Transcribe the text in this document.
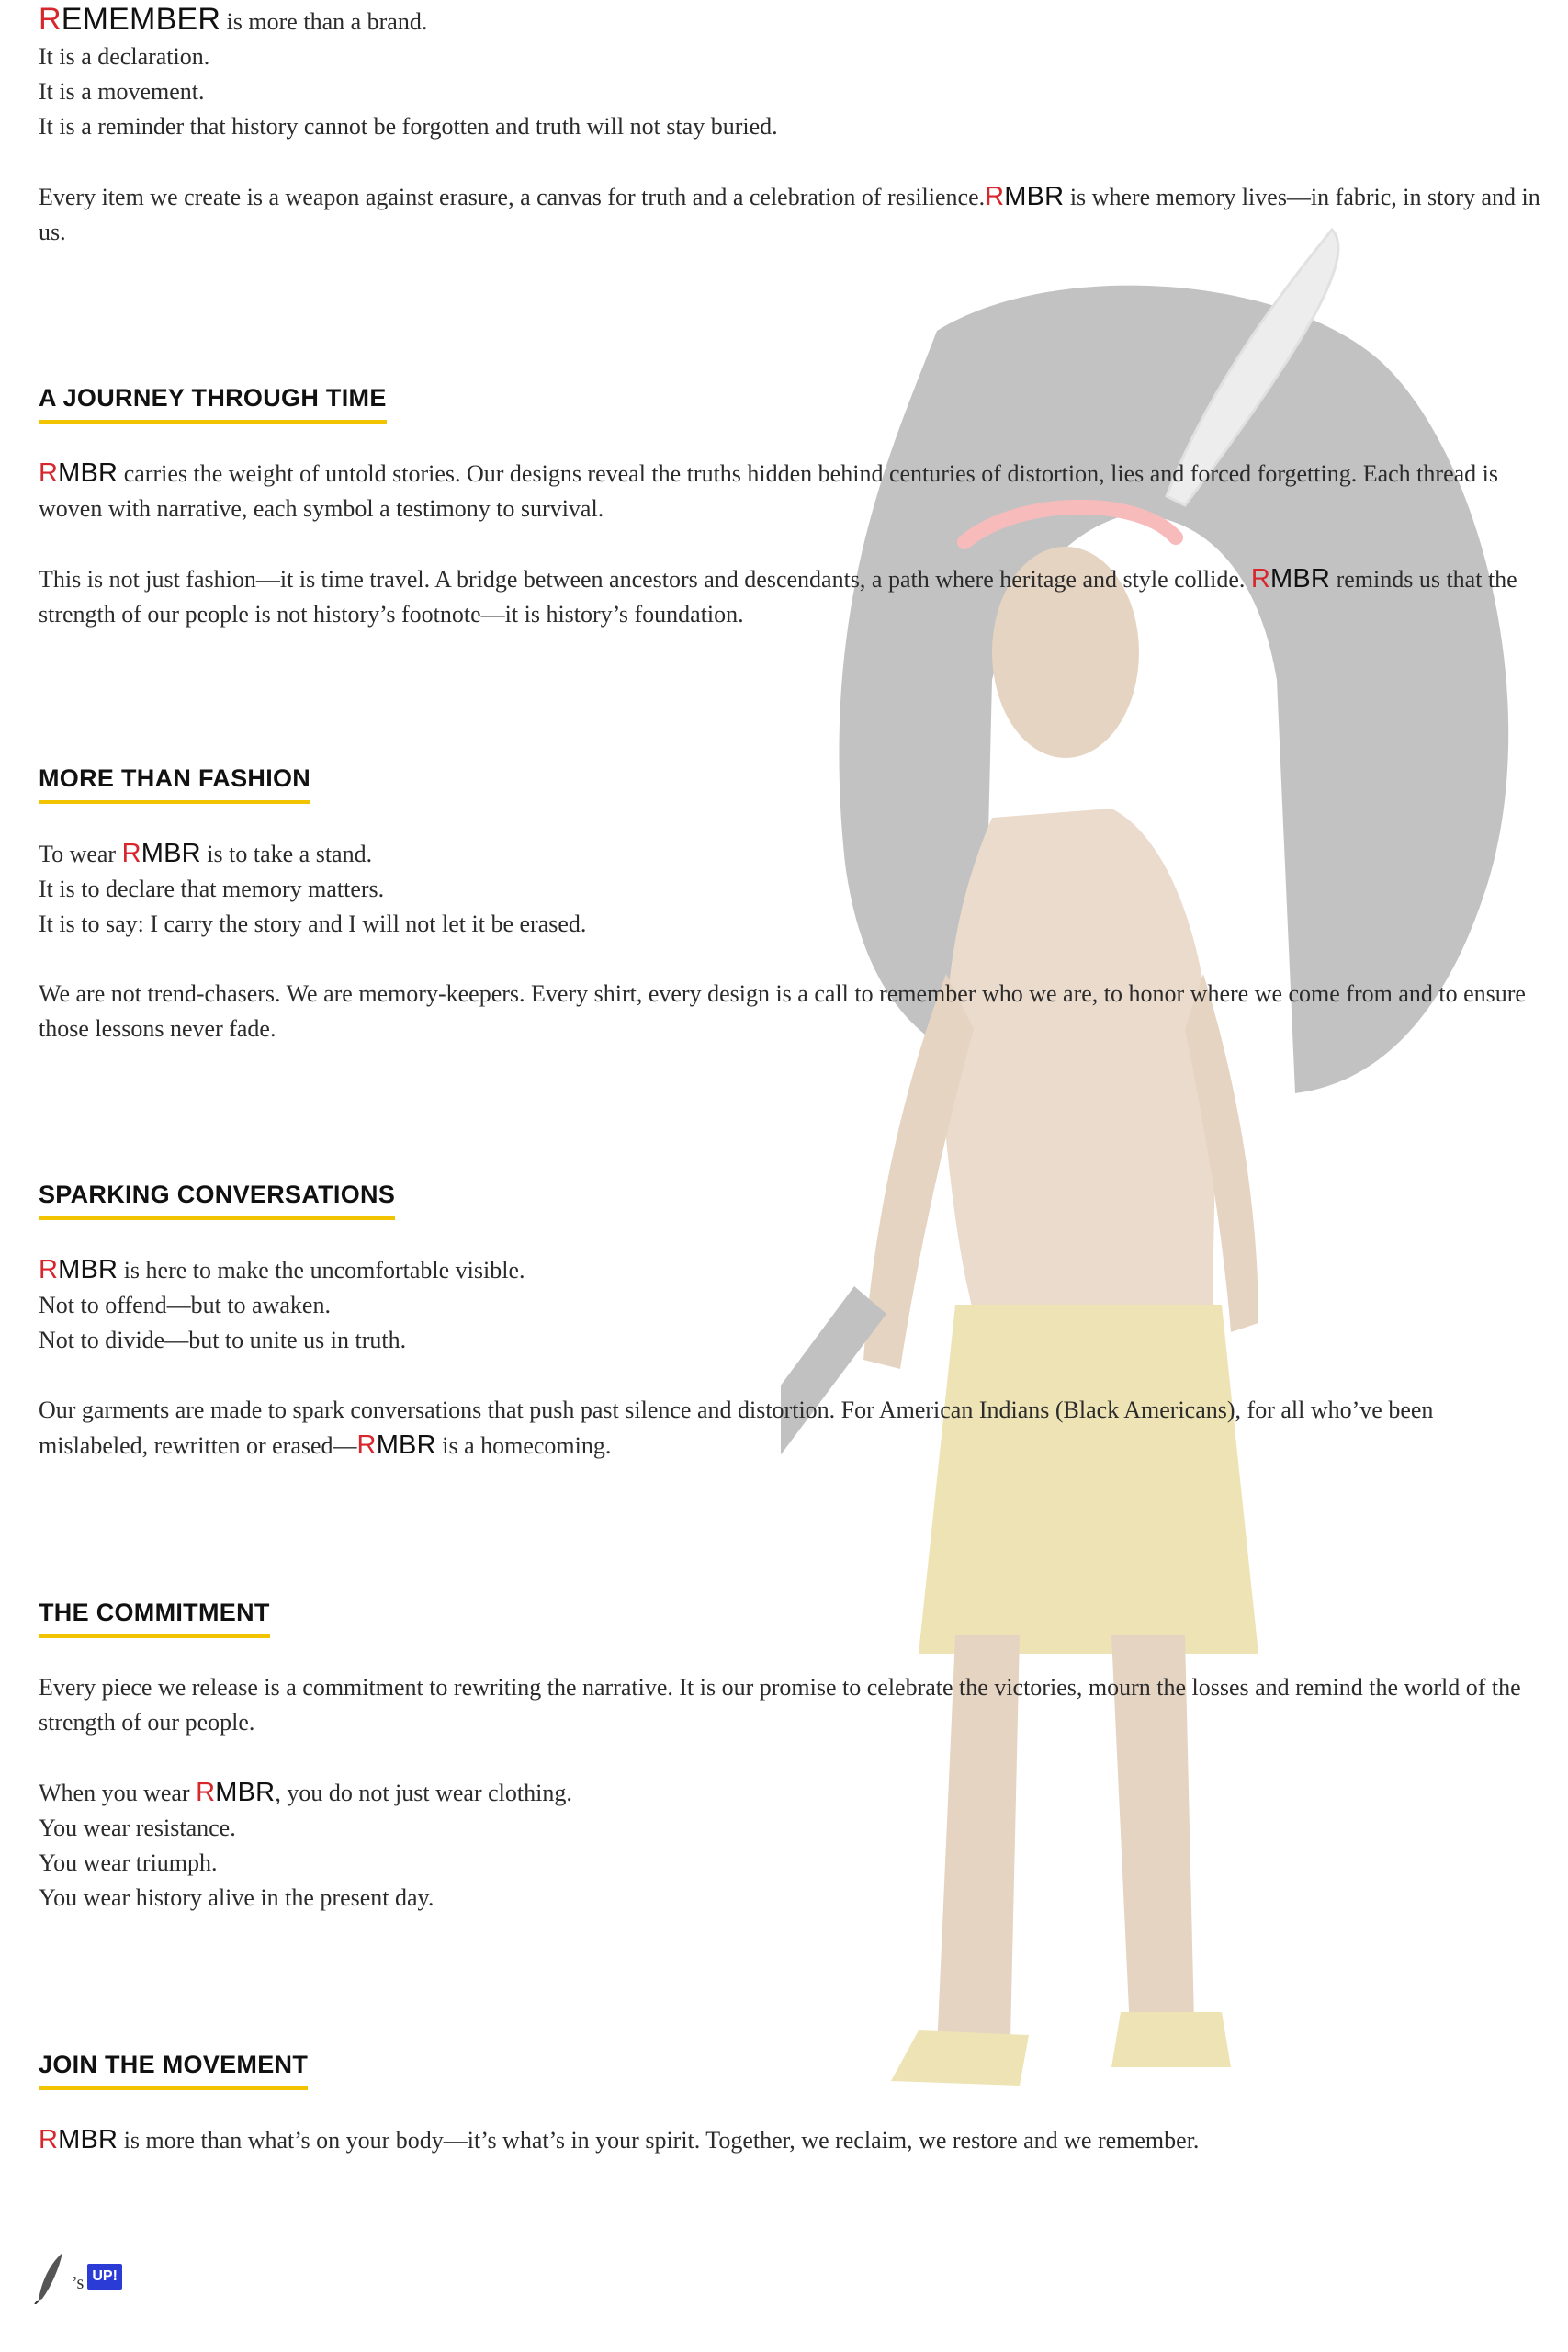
REMEMBER is more than a brand.
It is a declaration.
It is a movement.
It is a reminder that history cannot be forgotten and truth will not stay buried.
Every item we create is a weapon against erasure, a canvas for truth and a celebration of resilience.RMBR is where memory lives—in fabric, in story and in us.
A JOURNEY THROUGH TIME
RMBR carries the weight of untold stories. Our designs reveal the truths hidden behind centuries of distortion, lies and forced forgetting. Each thread is woven with narrative, each symbol a testimony to survival.
This is not just fashion—it is time travel. A bridge between ancestors and descendants, a path where heritage and style collide. RMBR reminds us that the strength of our people is not history’s footnote—it is history’s foundation.
MORE THAN FASHION
To wear RMBR is to take a stand.
It is to declare that memory matters.
It is to say: I carry the story and I will not let it be erased.
We are not trend-chasers. We are memory-keepers. Every shirt, every design is a call to remember who we are, to honor where we come from and to ensure those lessons never fade.
SPARKING CONVERSATIONS
RMBR is here to make the uncomfortable visible.
Not to offend—but to awaken.
Not to divide—but to unite us in truth.
Our garments are made to spark conversations that push past silence and distortion. For American Indians (Black Americans), for all who’ve been mislabeled, rewritten or erased—RMBR is a homecoming.
THE COMMITMENT
Every piece we release is a commitment to rewriting the narrative. It is our promise to celebrate the victories, mourn the losses and remind the world of the strength of our people.
When you wear RMBR, you do not just wear clothing.
You wear resistance.
You wear triumph.
You wear history alive in the present day.
JOIN THE MOVEMENT
RMBR is more than what’s on your body—it’s what’s in your spirit. Together, we reclaim, we restore and we remember.
’s UP!
